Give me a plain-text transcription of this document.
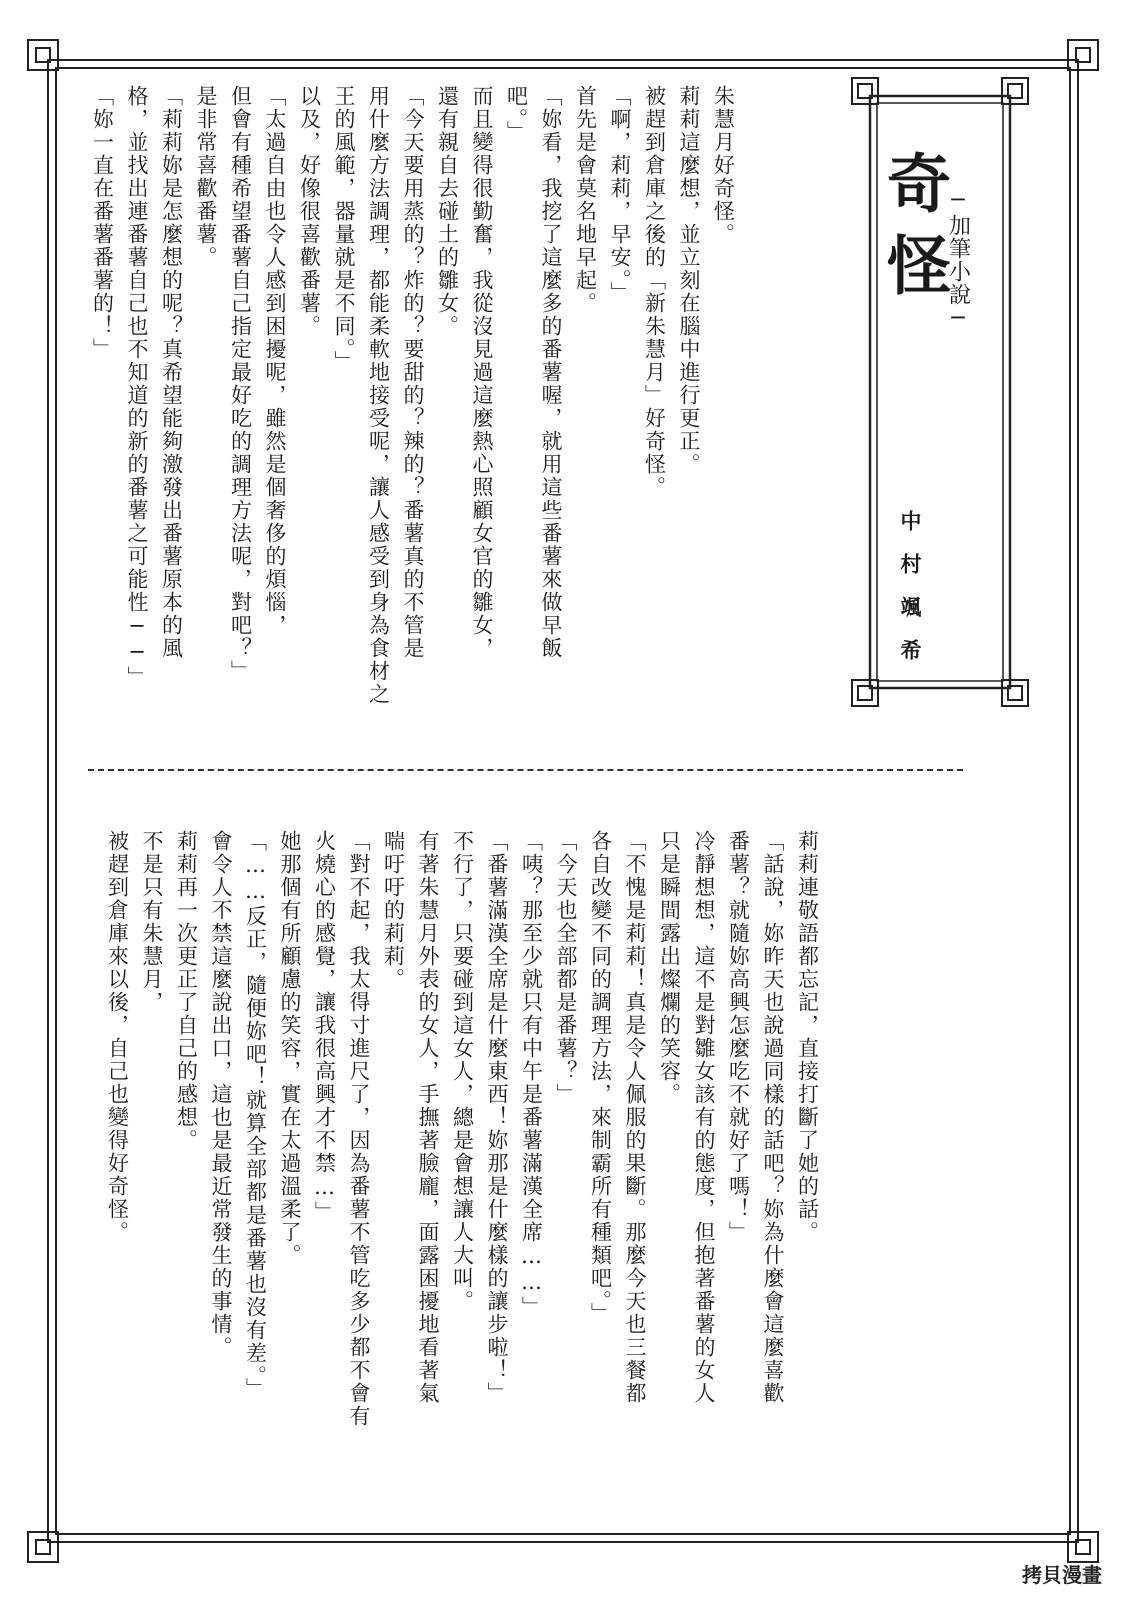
─
加筆小說
─
奇怪
中村颯希

朱慧月好奇怪。

莉莉這麼想，並立刻在腦中進行更正。

被趕到倉庫之後的「新朱慧月」好奇怪。

「啊，莉莉，早安。」

首先是會莫名地早起。

「妳看，我挖了這麼多的番薯喔，就用這些番薯來做早飯

吧。」

而且變得很勤奮，我從沒見過這麼熱心照顧女官的雛女，

還有親自去碰土的雛女。

「今天要用蒸的？炸的？要甜的？辣的？番薯真的不管是

用什麼方法調理，都能柔軟地接受呢，讓人感受到身為食材之

王的風範，器量就是不同。」

以及，好像很喜歡番薯。

「太過自由也令人感到困擾呢，雖然是個奢侈的煩惱，

但會有種希望番薯自己指定最好吃的調理方法呢，對吧？」

是非常喜歡番薯。

「莉莉妳是怎麼想的呢？真希望能夠激發出番薯原本的風

格，並找出連番薯自己也不知道的新的番薯之可能性──」

「妳一直在番薯番薯的！」

莉莉連敬語都忘記，直接打斷了她的話。

「話說，妳昨天也說過同樣的話吧？妳為什麼會這麼喜歡

番薯？就隨妳高興怎麼吃不就好了嗎！」

冷靜想想，這不是對雛女該有的態度，但抱著番薯的女人

只是瞬間露出燦爛的笑容。

「不愧是莉莉！真是令人佩服的果斷。那麼今天也三餐都

各自改變不同的調理方法，來制霸所有種類吧。」

「今天也全部都是番薯？」

「咦？那至少就只有中午是番薯滿漢全席……」

「番薯滿漢全席是什麼東西！妳那是什麼樣的讓步啦！」

不行了，只要碰到這女人，總是會想讓人大叫。

有著朱慧月外表的女人，手撫著臉龐，面露困擾地看著氣

喘吁吁的莉莉。

「對不起，我太得寸進尺了，因為番薯不管吃多少都不會有

火燒心的感覺，讓我很高興才不禁…」

她那個有所顧慮的笑容，實在太過溫柔了。

「……反正，隨便妳吧！就算全部都是番薯也沒有差。」

會令人不禁這麼說出口，這也是最近常發生的事情。

莉莉再一次更正了自己的感想。

不是只有朱慧月，

被趕到倉庫來以後，自己也變得好奇怪。

拷貝漫畫
